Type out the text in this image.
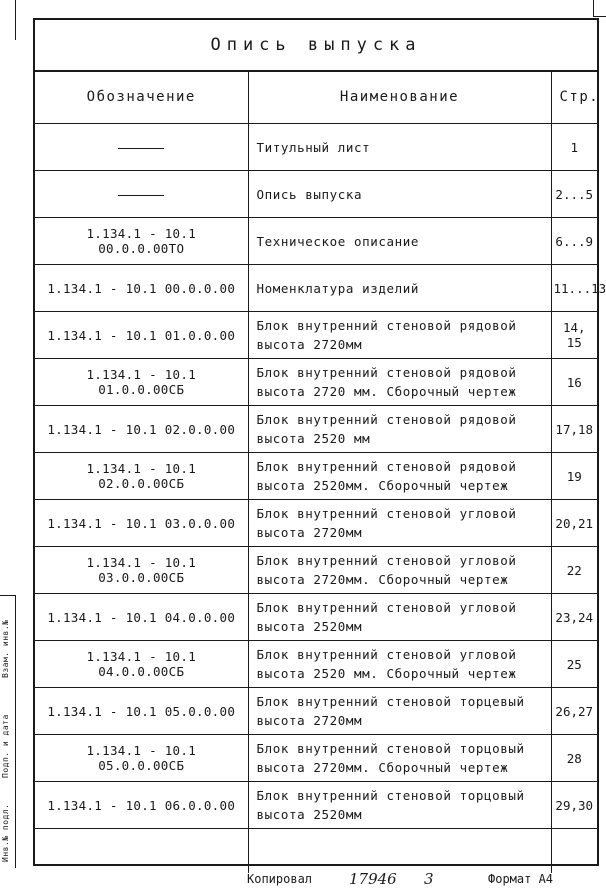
Опись выпуска
Обозначение	Наименование	Стр.
	Титульный лист	1
	Опись выпуска	2...5
1.134.1 - 10.1 00.0.0.00ТО	Техническое описание	6...9
1.134.1 - 10.1 00.0.0.00	Номенклатура изделий	11...13
1.134.1 - 10.1 01.0.0.00	Блок внутренний стеновой рядовой высота 2720мм	14, 15
1.134.1 - 10.1 01.0.0.00СБ	Блок внутренний стеновой рядовой высота 2720 мм. Сборочный чертеж	16
1.134.1 - 10.1 02.0.0.00	Блок внутренний стеновой рядовой высота 2520 мм	17,18
1.134.1 - 10.1 02.0.0.00СБ	Блок внутренний стеновой рядовой высота 2520мм. Сборочный чертеж	19
1.134.1 - 10.1 03.0.0.00	Блок внутренний стеновой угловой высота 2720мм	20,21
1.134.1 - 10.1 03.0.0.00СБ	Блок внутренний стеновой угловой высота 2720мм. Сборочный чертеж	22
1.134.1 - 10.1 04.0.0.00	Блок внутренний стеновой угловой высота 2520мм	23,24
1.134.1 - 10.1 04.0.0.00СБ	Блок внутренний стеновой угловой высота 2520 мм. Сборочный чертеж	25
1.134.1 - 10.1 05.0.0.00	Блок внутренний стеновой торцевый высота 2720мм	26,27
1.134.1 - 10.1 05.0.0.00СБ	Блок внутренний стеновой торцовый высота 2720мм. Сборочный чертеж	28
1.134.1 - 10.1 06.0.0.00	Блок внутренний стеновой торцовый высота 2520мм	29,30

Взам. инв.№
Подп. и дата
Инв.№ подл.
Копировал 17946 3	Формат А4
